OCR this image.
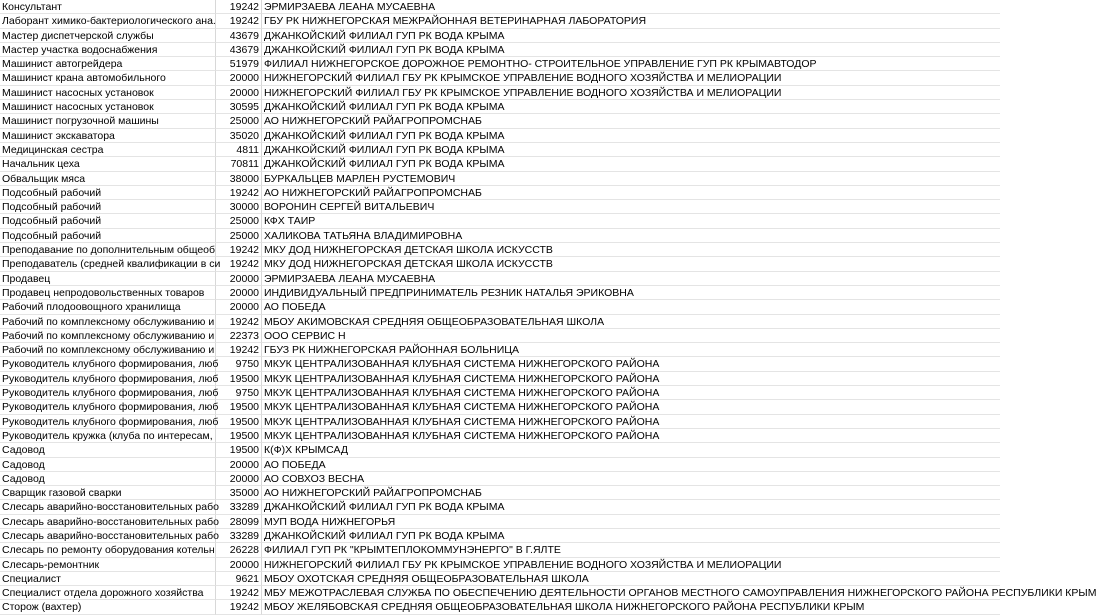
Консультант	19242 ЭРМИРЗАЕВА ЛЕАНА МУСАЕВНА
Лаборант химико-бактериологического ана.	19242 ГБУ РК НИЖНЕГОРСКАЯ МЕЖРАЙОННАЯ ВЕТЕРИНАРНАЯ ЛАБОРАТОРИЯ
Мастер диспетчерской службы	43679 ДЖАНКОЙСКИЙ ФИЛИАЛ ГУП РК ВОДА КРЫМА
Мастер участка водоснабжения	43679 ДЖАНКОЙСКИЙ ФИЛИАЛ ГУП РК ВОДА КРЫМА
Машинист автогрейдера	51979 ФИЛИАЛ НИЖНЕГОРСКОЕ ДОРОЖНОЕ РЕМОНТНО- СТРОИТЕЛЬНОЕ УПРАВЛЕНИЕ ГУП РК КРЫМАВТОДОР
Машинист крана автомобильного	20000 НИЖНЕГОРСКИЙ ФИЛИАЛ ГБУ РК КРЫМСКОЕ УПРАВЛЕНИЕ ВОДНОГО ХОЗЯЙСТВА И МЕЛИОРАЦИИ
Машинист насосных установок	20000 НИЖНЕГОРСКИЙ ФИЛИАЛ ГБУ РК КРЫМСКОЕ УПРАВЛЕНИЕ ВОДНОГО ХОЗЯЙСТВА И МЕЛИОРАЦИИ
Машинист насосных установок	30595 ДЖАНКОЙСКИЙ ФИЛИАЛ ГУП РК ВОДА КРЫМА
Машинист погрузочной машины	25000 АО НИЖНЕГОРСКИЙ РАЙАГРОПРОМСНАБ
Машинист экскаватора	35020 ДЖАНКОЙСКИЙ ФИЛИАЛ ГУП РК ВОДА КРЫМА
Медицинская сестра	4811 ДЖАНКОЙСКИЙ ФИЛИАЛ ГУП РК ВОДА КРЫМА
Начальник цеха	70811 ДЖАНКОЙСКИЙ ФИЛИАЛ ГУП РК ВОДА КРЫМА
Обвальщик мяса	38000 БУРКАЛЬЦЕВ МАРЛЕН РУСТЕМОВИЧ
Подсобный рабочий	19242 АО НИЖНЕГОРСКИЙ РАЙАГРОПРОМСНАБ
Подсобный рабочий	30000 ВОРОНИН СЕРГЕЙ ВИТАЛЬЕВИЧ
Подсобный рабочий	25000 КФХ ТАИР
Подсобный рабочий	25000 ХАЛИКОВА ТАТЬЯНА ВЛАДИМИРОВНА
Преподавание по дополнительным общеоб	19242 МКУ ДОД НИЖНЕГОРСКАЯ ДЕТСКАЯ ШКОЛА ИСКУССТВ
Преподаватель (средней квалификации в си 19242 МКУ ДОД НИЖНЕГОРСКАЯ ДЕТСКАЯ ШКОЛА ИСКУССТВ
Продавец	20000 ЭРМИРЗАЕВА ЛЕАНА МУСАЕВНА
Продавец непродовольственных товаров	20000 ИНДИВИДУАЛЬНЫЙ ПРЕДПРИНИМАТЕЛЬ РЕЗНИК НАТАЛЬЯ ЭРИКОВНА
Рабочий плодоовощного хранилища	20000 АО ПОБЕДА
Рабочий по комплексному обслуживанию и	19242 МБОУ АКИМОВСКАЯ СРЕДНЯЯ ОБЩЕОБРАЗОВАТЕЛЬНАЯ ШКОЛА
Рабочий по комплексному обслуживанию и	22373 ООО СЕРВИС Н
Рабочий по комплексному обслуживанию и	19242 ГБУЗ РК НИЖНЕГОРСКАЯ РАЙОННАЯ БОЛЬНИЦА
Руководитель клубного формирования, люб	9750 МКУК ЦЕНТРАЛИЗОВАННАЯ КЛУБНАЯ СИСТЕМА НИЖНЕГОРСКОГО РАЙОНА
Руководитель клубного формирования, люб	19500 МКУК ЦЕНТРАЛИЗОВАННАЯ КЛУБНАЯ СИСТЕМА НИЖНЕГОРСКОГО РАЙОНА
Руководитель клубного формирования, люб	9750 МКУК ЦЕНТРАЛИЗОВАННАЯ КЛУБНАЯ СИСТЕМА НИЖНЕГОРСКОГО РАЙОНА
Руководитель клубного формирования, люб	19500 МКУК ЦЕНТРАЛИЗОВАННАЯ КЛУБНАЯ СИСТЕМА НИЖНЕГОРСКОГО РАЙОНА
Руководитель клубного формирования, люб	19500 МКУК ЦЕНТРАЛИЗОВАННАЯ КЛУБНАЯ СИСТЕМА НИЖНЕГОРСКОГО РАЙОНА
Руководитель кружка (клуба по интересам,	19500 МКУК ЦЕНТРАЛИЗОВАННАЯ КЛУБНАЯ СИСТЕМА НИЖНЕГОРСКОГО РАЙОНА
Садовод	19500 К(Ф)Х КРЫМСАД
Садовод	20000 АО ПОБЕДА
Садовод	20000 АО СОВХОЗ ВЕСНА
Сварщик газовой сварки	35000 АО НИЖНЕГОРСКИЙ РАЙАГРОПРОМСНАБ
Слесарь аварийно-восстановительных рабо	33289 ДЖАНКОЙСКИЙ ФИЛИАЛ ГУП РК ВОДА КРЫМА
Слесарь аварийно-восстановительных рабо	28099 МУП ВОДА НИЖНЕГОРЬЯ
Слесарь аварийно-восстановительных рабо	33289 ДЖАНКОЙСКИЙ ФИЛИАЛ ГУП РК ВОДА КРЫМА
Слесарь по ремонту оборудования котельн	26228 ФИЛИАЛ ГУП РК "КРЫМТЕПЛОКОММУНЭНЕРГО" В Г.ЯЛТЕ
Слесарь-ремонтник	20000 НИЖНЕГОРСКИЙ ФИЛИАЛ ГБУ РК КРЫМСКОЕ УПРАВЛЕНИЕ ВОДНОГО ХОЗЯЙСТВА И МЕЛИОРАЦИИ
Специалист	9621 МБОУ ОХОТСКАЯ СРЕДНЯЯ ОБЩЕОБРАЗОВАТЕЛЬНАЯ ШКОЛА
Специалист отдела дорожного хозяйства	19242 МБУ МЕЖОТРАСЛЕВАЯ СЛУЖБА ПО ОБЕСПЕЧЕНИЮ ДЕЯТЕЛЬНОСТИ ОРГАНОВ МЕСТНОГО САМОУПРАВЛЕНИЯ НИЖНЕГОРСКОГО РАЙОНА РЕСПУБЛИКИ КРЫМ
Сторож (вахтер)	19242 МБОУ ЖЕЛЯБОВСКАЯ СРЕДНЯЯ ОБЩЕОБРАЗОВАТЕЛЬНАЯ ШКОЛА НИЖНЕГОРСКОГО РАЙОНА РЕСПУБЛИКИ КРЫМ
